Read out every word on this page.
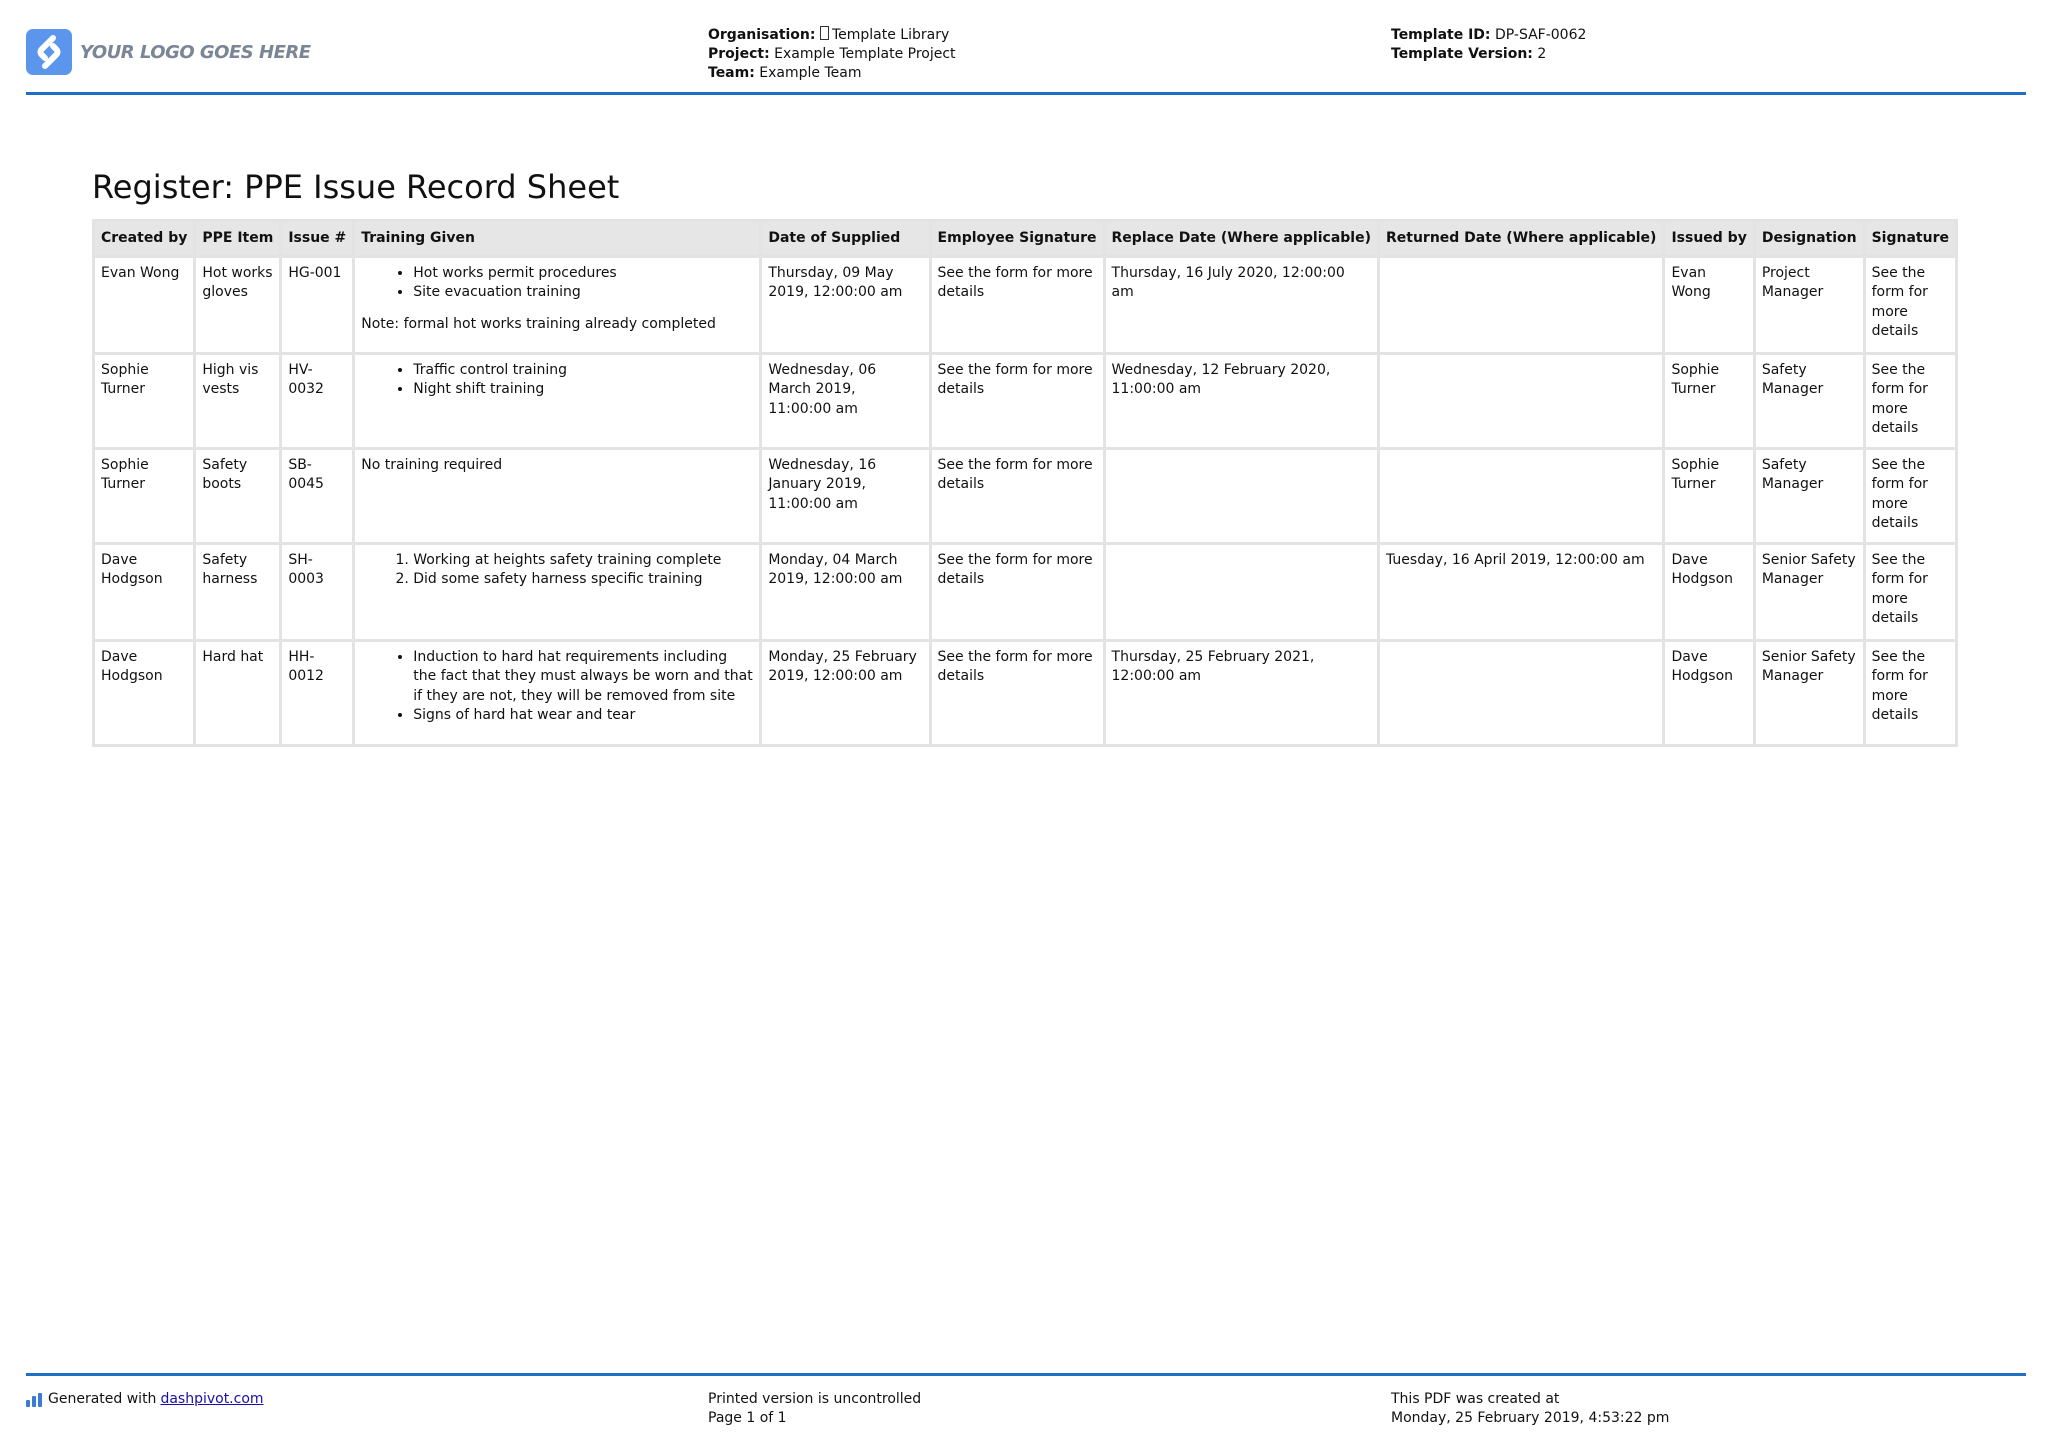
YOUR LOGO GOES HERE
Organisation: Template Library
Project: Example Template Project
Team: Example Team
Template ID: DP-SAF-0062
Template Version: 2
Register: PPE Issue Record Sheet
Created by	PPE Item	Issue #	Training Given	Date of Supplied	Employee Signature	Replace Date (Where applicable)	Returned Date (Where applicable)	Issued by	Designation	Signature
Evan Wong	Hot works gloves	HG-001	
•Hot works permit procedures
• Site evacuation training
Note: formal hot works training already completed
	Thursday, 09 May 2019, 12:00:00 am	See the form for more details	Thursday, 16 July 2020, 12:00:00 am		Evan Wong	Project Manager	See the form for more details
Sophie Turner	High vis vests	HV-0032	
• Traffic control training
• Night shift training
	Wednesday, 06 March 2019, 11:00:00 am	See the form for more details	Wednesday, 12 February 2020, 11:00:00 am		Sophie Turner	Safety Manager	See the form for more details
Sophie Turner	Safety boots	SB-0045	No training required	Wednesday, 16 January 2019, 11:00:00 am	See the form for more details			Sophie Turner	Safety Manager	See the form for more details
Dave Hodgson	Safety harness	SH-0003	
1. Working at heights safety training complete
2. Did some safety harness specific training
	Monday, 04 March 2019, 12:00:00 am	See the form for more details		Tuesday, 16 April 2019, 12:00:00 am	Dave Hodgson	Senior Safety Manager	See the form for more details
Dave Hodgson	Hard hat	HH-0012	
• Induction to hard hat requirements including the fact that they must always be worn and that if they are not, they will be removed from site
• Signs of hard hat wear and tear
	Monday, 25 February 2019, 12:00:00 am	See the form for more details	Thursday, 25 February 2021, 12:00:00 am		Dave Hodgson	Senior Safety Manager	See the form for more details
Generated with dashpivot.com	Printed version is uncontrolled
Page 1 of 1
This PDF was created at
Monday, 25 February 2019, 4:53:22 pm
